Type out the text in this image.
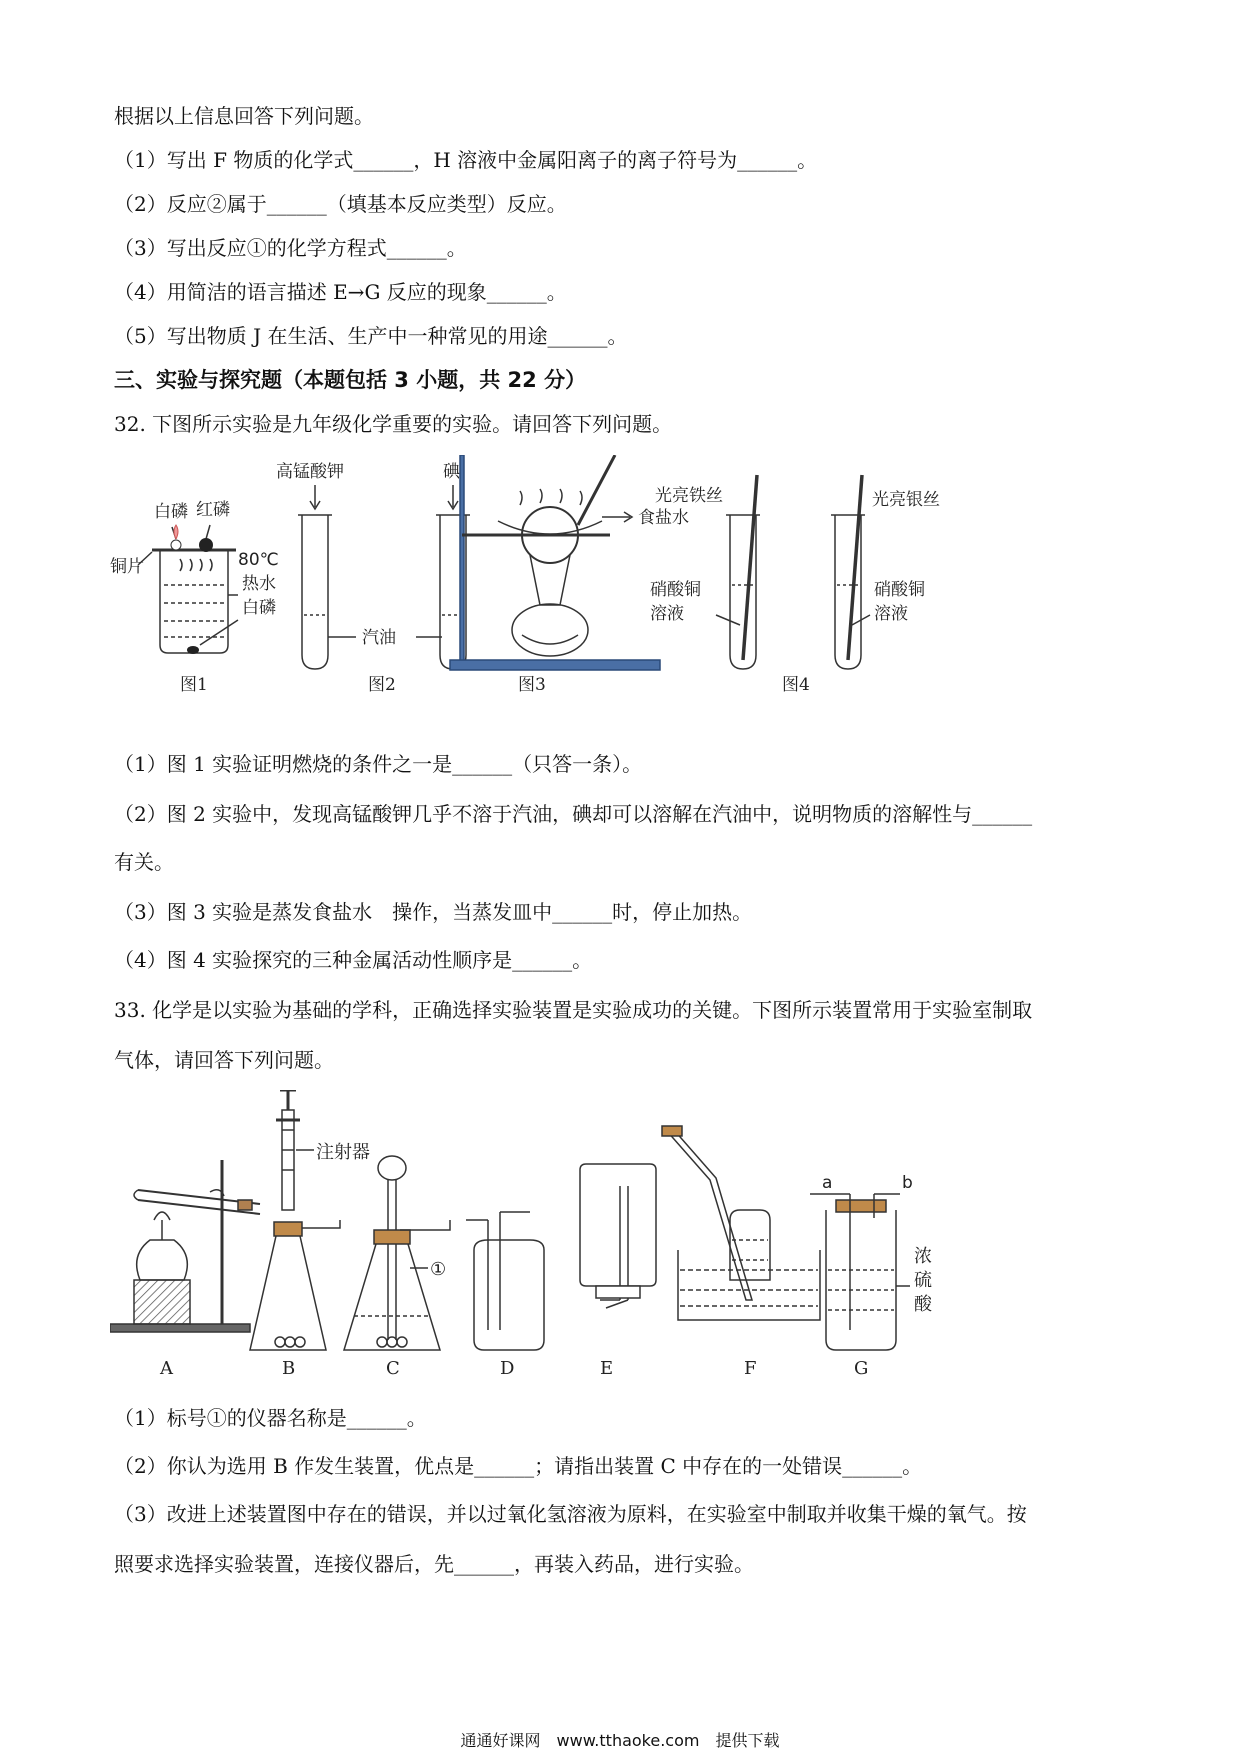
根据以上信息回答下列问题。
（1）写出 F 物质的化学式______，H 溶液中金属阳离子的离子符号为______。
（2）反应②属于______（填基本反应类型）反应。
（3）写出反应①的化学方程式______。
（4）用简洁的语言描述 E→G 反应的现象______。
（5）写出物质 J 在生活、生产中一种常见的用途______。
三、实验与探究题（本题包括 3 小题，共 22 分）
32. 下图所示实验是九年级化学重要的实验。请回答下列问题。
白磷 红磷
80℃
铜片
热水
白磷
图1
高锰酸钾	碘
汽油
图2
食盐水
图3
光亮铁丝	光亮银丝
硝酸铜
溶液
硝酸铜
溶液
图4
（1）图 1 实验证明燃烧的条件之一是______（只答一条）。
（2）图 2 实验中，发现高锰酸钾几乎不溶于汽油，碘却可以溶解在汽油中，说明物质的溶解性与______
有关。
（3）图 3 实验是蒸发食盐水　操作，当蒸发皿中______时，停止加热。
（4）图 4 实验探究的三种金属活动性顺序是______。
33. 化学是以实验为基础的学科，正确选择实验装置是实验成功的关键。下图所示装置常用于实验室制取
气体，请回答下列问题。
注射器
①
a	b
浓
硫
酸
A	B	C	D	E	F	G
（1）标号①的仪器名称是______。
（2）你认为选用 B 作发生装置，优点是______；请指出装置 C 中存在的一处错误______。
（3）改进上述装置图中存在的错误，并以过氧化氢溶液为原料，在实验室中制取并收集干燥的氧气。按
照要求选择实验装置，连接仪器后，先______，再装入药品，进行实验。
通通好课网　www.tthaoke.com　提供下载
